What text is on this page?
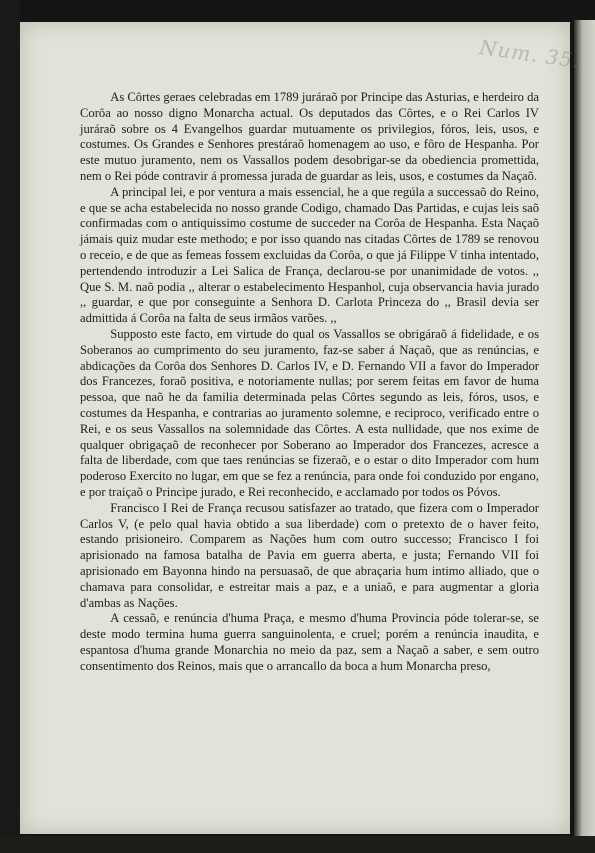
Num. 35.

As Côrtes geraes celebradas em 1789 juráraõ por Principe das Asturias, e herdeiro da Corôa ao nosso digno Monarcha actual. Os deputados das Côrtes, e o Rei Carlos IV juráraõ sobre os 4 Evangelhos guardar mutuamente os privilegios, fóros, leis, usos, e costumes. Os Grandes e Senhores prestáraõ homenagem ao uso, e fôro de Hespanha. Por este mutuo juramento, nem os Vassallos podem desobrigar-se da obediencia promettida, nem o Rei póde contravir á promessa jurada de guardar as leis, usos, e costumes da Naçaõ.

A principal lei, e por ventura a mais essencial, he a que regúla a successaõ do Reino, e que se acha estabelecida no nosso grande Codigo, chamado Das Partidas, e cujas leis saõ confirmadas com o antiquissimo costume de succeder na Corôa de Hespanha. Esta Naçaõ jámais quiz mudar este methodo; e por isso quando nas citadas Côrtes de 1789 se renovou o receio, e de que as femeas fossem excluidas da Corôa, o que já Filippe V tinha intentado, pertendendo introduzir a Lei Salica de França, declarou-se por unanimidade de votos. ,, Que S. M. naõ podia ,, alterar o estabelecimento Hespanhol, cuja observancia havia jurado ,, guardar, e que por conseguinte a Senhora D. Carlota Princeza do ,, Brasil devia ser admittida á Corôa na falta de seus irmãos varões. ,,

Supposto este facto, em virtude do qual os Vassallos se obrigáraõ á fidelidade, e os Soberanos ao cumprimento do seu juramento, faz-se saber á Naçaõ, que as renúncias, e abdicações da Corôa dos Senhores D. Carlos IV, e D. Fernando VII a favor do Imperador dos Francezes, foraõ positiva, e notoriamente nullas; por serem feitas em favor de huma pessoa, que naõ he da familia determinada pelas Côrtes segundo as leis, fóros, usos, e costumes da Hespanha, e contrarias ao juramento solemne, e reciproco, verificado entre o Rei, e os seus Vassallos na solemnidade das Côrtes. A esta nullidade, que nos exime de qualquer obrigaçaõ de reconhecer por Soberano ao Imperador dos Francezes, acresce a falta de liberdade, com que taes renúncias se fizeraõ, e o estar o dito Imperador com hum poderoso Exercito no lugar, em que se fez a renúncia, para onde foi conduzido por engano, e por traiçaõ o Principe jurado, e Rei reconhecido, e acclamado por todos os Póvos.

Francisco I Rei de França recusou satisfazer ao tratado, que fizera com o Imperador Carlos V, (e pelo qual havia obtido a sua liberdade) com o pretexto de o haver feito, estando prisioneiro. Comparem as Nações hum com outro successo; Francisco I foi aprisionado na famosa batalha de Pavia em guerra aberta, e justa; Fernando VII foi aprisionado em Bayonna hindo na persuasaõ, de que abraçaria hum intimo alliado, que o chamava para consolidar, e estreitar mais a paz, e a uniaõ, e para augmentar a gloria d'ambas as Nações.

A cessaõ, e renúncia d'huma Praça, e mesmo d'huma Provincia póde tolerar-se, se deste modo termina huma guerra sanguinolenta, e cruel; porém a renúncia inaudita, e espantosa d'huma grande Monarchia no meio da paz, sem a Naçaõ a saber, e sem outro consentimento dos Reinos, mais que o arrancallo da boca a hum Monarcha preso,
